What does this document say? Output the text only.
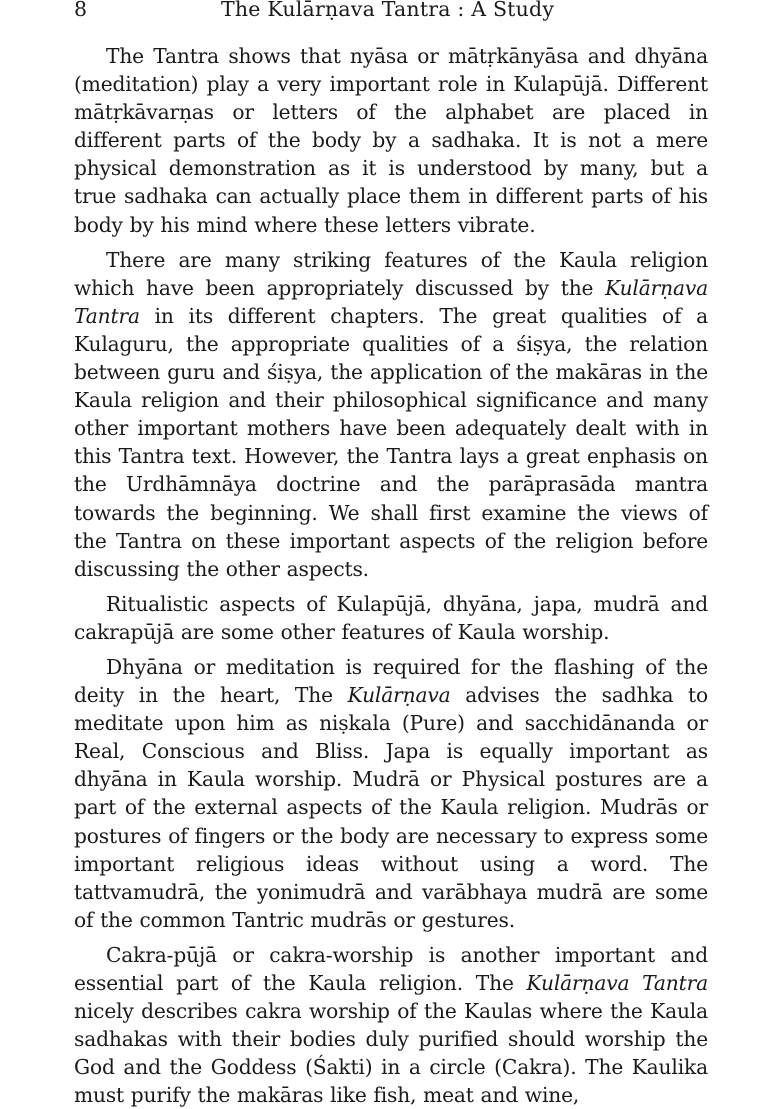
8	The Kulārṇava Tantra : A Study

The Tantra shows that nyāsa or mātṛkānyāsa and dhyāna (meditation) play a very important role in Kulapūjā. Different mātṛkāvarṇas or letters of the alphabet are placed in different parts of the body by a sadhaka. It is not a mere physical demonstration as it is understood by many, but a true sadhaka can actually place them in different parts of his body by his mind where these letters vibrate.

There are many striking features of the Kaula religion which have been appropriately discussed by the Kulārṇava Tantra in its different chapters. The great qualities of a Kulaguru, the appropriate qualities of a śiṣya, the relation between guru and śiṣya, the application of the makāras in the Kaula religion and their philosophical significance and many other important mothers have been adequately dealt with in this Tantra text. However, the Tantra lays a great enphasis on the Urdhāmnāya doctrine and the parāprasāda mantra towards the beginning. We shall first examine the views of the Tantra on these important aspects of the religion before discussing the other aspects.

Ritualistic aspects of Kulapūjā, dhyāna, japa, mudrā and cakrapūjā are some other features of Kaula worship.

Dhyāna or meditation is required for the flashing of the deity in the heart, The Kulārṇava advises the sadhka to meditate upon him as niṣkala (Pure) and sacchidānanda or Real, Conscious and Bliss. Japa is equally important as dhyāna in Kaula worship. Mudrā or Physical postures are a part of the external aspects of the Kaula religion. Mudrās or postures of fingers or the body are necessary to express some important religious ideas without using a word. The tattvamudrā, the yonimudrā and varābhaya mudrā are some of the common Tantric mudrās or gestures.

Cakra-pūjā or cakra-worship is another important and essential part of the Kaula religion. The Kulārṇava Tantra nicely describes cakra worship of the Kaulas where the Kaula sadhakas with their bodies duly purified should worship the God and the Goddess (Śakti) in a circle (Cakra). The Kaulika must purify the makāras like fish, meat and wine,
